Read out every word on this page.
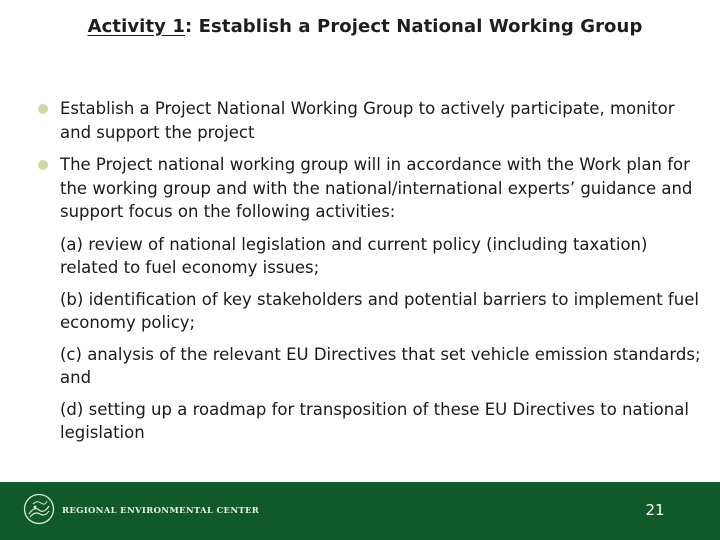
Activity 1: Establish a Project National Working Group
Establish a Project National Working Group to actively participate, monitor and support the project
The Project national working group will in accordance with the Work plan for the working group and with the national/international experts’ guidance and support focus on the following activities:
(a) review of national legislation and current policy (including taxation) related to fuel economy issues;
(b) identification of key stakeholders and potential barriers to implement fuel economy policy;
(c) analysis of the relevant EU Directives that set vehicle emission standards; and
(d) setting up a roadmap for transposition of these EU Directives to national legislation
REGIONAL ENVIRONMENTAL CENTER	21
